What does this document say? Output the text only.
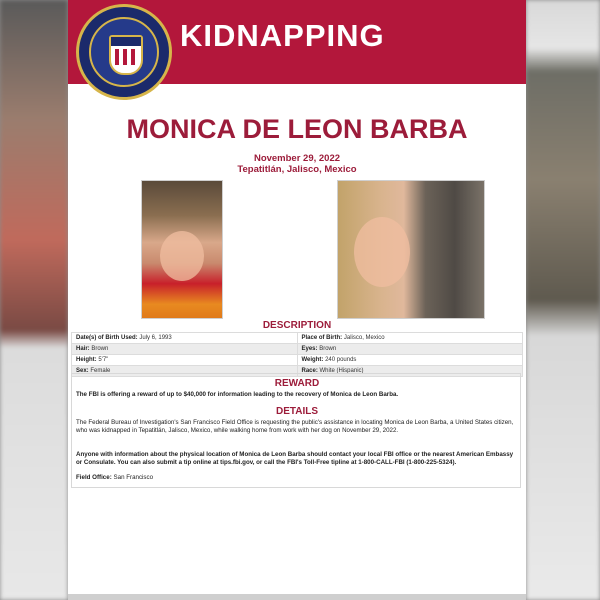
KIDNAPPING
MONICA DE LEON BARBA
November 29, 2022
Tepatitlán, Jalisco, Mexico
DESCRIPTION
Date(s) of Birth Used: July 6, 1993	Place of Birth: Jalisco, Mexico
Hair: Brown	Eyes: Brown
Height: 5'7"	Weight: 240 pounds
Sex: Female	Race: White (Hispanic)
REWARD
The FBI is offering a reward of up to $40,000 for information leading to the recovery of Monica de Leon Barba.
DETAILS
The Federal Bureau of Investigation's San Francisco Field Office is requesting the public's assistance in locating Monica de Leon Barba, a United States citizen, who was kidnapped in Tepatitlán, Jalisco, Mexico, while walking home from work with her dog on November 29, 2022.
Anyone with information about the physical location of Monica de Leon Barba should contact your local FBI office or the nearest American Embassy or Consulate. You can also submit a tip online at tips.fbi.gov, or call the FBI's Toll-Free tipline at 1-800-CALL-FBI (1-800-225-5324).
Field Office: San Francisco
